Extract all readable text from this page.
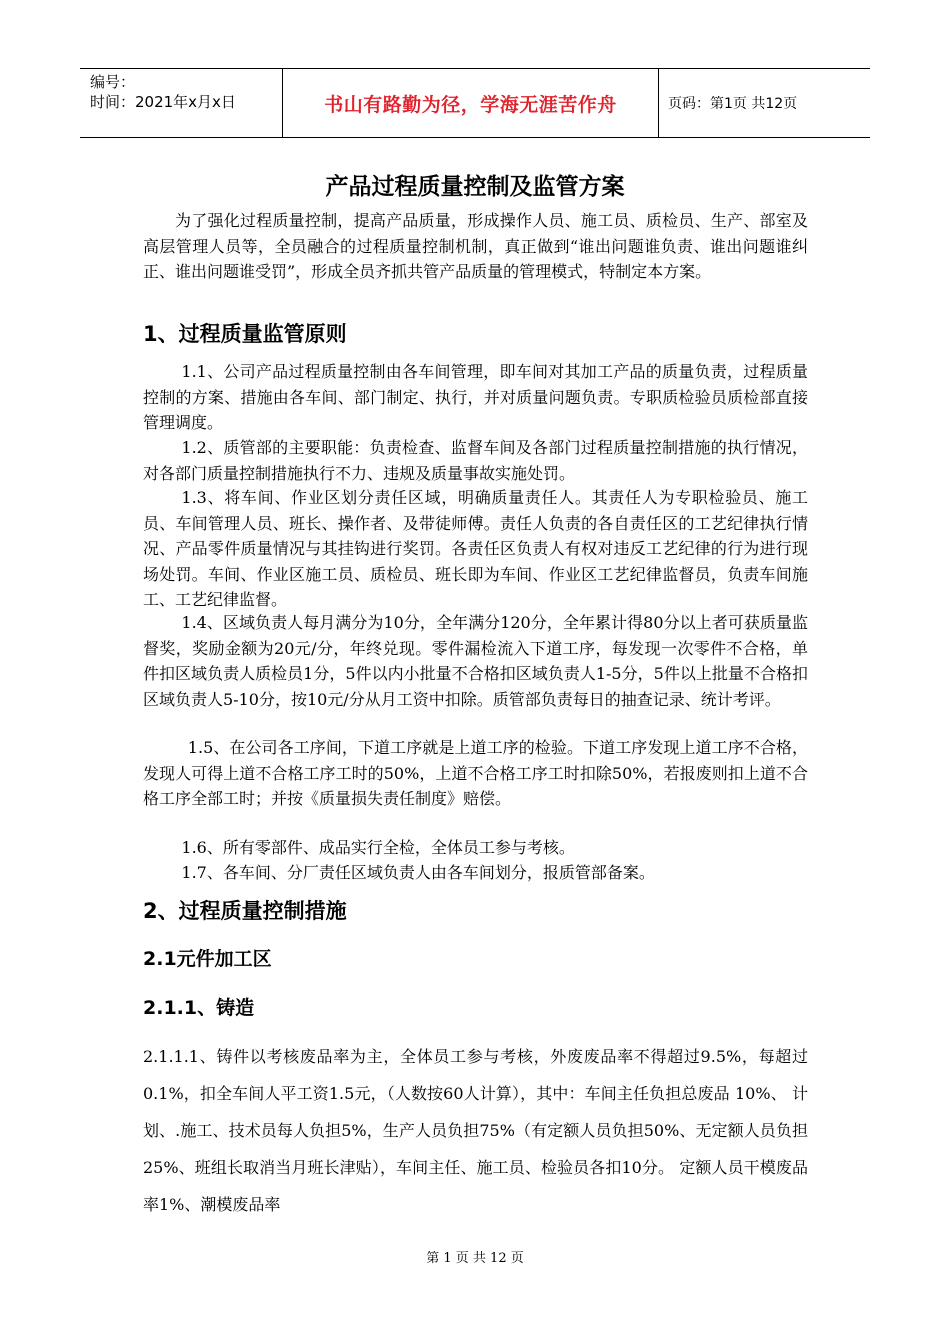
编号：
时间：2021年x月x日	书山有路勤为径，学海无涯苦作舟	页码：第1页 共12页
产品过程质量控制及监管方案

为了强化过程质量控制，提高产品质量，形成操作人员、施工员、质检员、生产、部室及高层管理人员等，全员融合的过程质量控制机制，真正做到“谁出问题谁负责、谁出问题谁纠正、谁出问题谁受罚”，形成全员齐抓共管产品质量的管理模式，特制定本方案。

1、过程质量监管原则

1.1、公司产品过程质量控制由各车间管理，即车间对其加工产品的质量负责，过程质量控制的方案、措施由各车间、部门制定、执行，并对质量问题负责。专职质检验员质检部直接管理调度。

1.2、质管部的主要职能：负责检查、监督车间及各部门过程质量控制措施的执行情况，对各部门质量控制措施执行不力、违规及质量事故实施处罚。

1.3、将车间、作业区划分责任区域，明确质量责任人。其责任人为专职检验员、施工员、车间管理人员、班长、操作者、及带徒师傅。责任人负责的各自责任区的工艺纪律执行情况、产品零件质量情况与其挂钩进行奖罚。各责任区负责人有权对违反工艺纪律的行为进行现场处罚。车间、作业区施工员、质检员、班长即为车间、作业区工艺纪律监督员，负责车间施工、工艺纪律监督。

1.4、区域负责人每月满分为10分，全年满分120分，全年累计得80分以上者可获质量监督奖，奖励金额为20元/分，年终兑现。零件漏检流入下道工序，每发现一次零件不合格，单件扣区域负责人质检员1分，5件以内小批量不合格扣区域负责人1-5分，5件以上批量不合格扣区域负责人5-10分，按10元/分从月工资中扣除。质管部负责每日的抽查记录、统计考评。

1.5、在公司各工序间，下道工序就是上道工序的检验。下道工序发现上道工序不合格，发现人可得上道不合格工序工时的50%，上道不合格工序工时扣除50%，若报废则扣上道不合格工序全部工时；并按《质量损失责任制度》赔偿。

1.6、所有零部件、成品实行全检，全体员工参与考核。

1.7、各车间、分厂责任区域负责人由各车间划分，报质管部备案。

2、过程质量控制措施
2.1元件加工区
2.1.1、铸造

2.1.1.1、铸件以考核废品率为主，全体员工参与考核，外废废品率不得超过9.5%，每超过0.1%，扣全车间人平工资1.5元，（人数按60人计算），其中：车间主任负担总废品 10%、 计划、.施工、技术员每人负担5%，生产人员负担75%（有定额人员负担50%、无定额人员负担25%、班组长取消当月班长津贴），车间主任、施工员、检验员各扣10分。 定额人员干模废品率1%、潮模废品率

第 1 页 共 12 页
